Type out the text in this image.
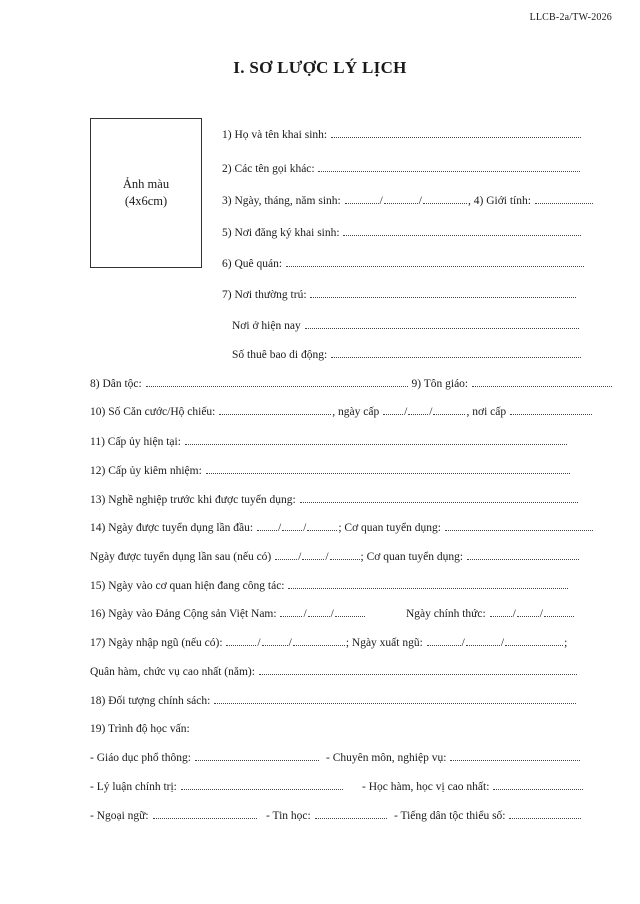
LLCB-2a/TW-2026
I. SƠ LƯỢC LÝ LỊCH
Ảnh màu
(4x6cm)
1) Họ và tên khai sinh:
2) Các tên gọi khác:
3) Ngày, tháng, năm sinh:	/	/	, 4) Giới tính:
5) Nơi đăng ký khai sinh:
6) Quê quán:
7) Nơi thường trú:
Nơi ở hiện nay
Số thuê bao di động:
8) Dân tộc:	9) Tôn giáo:
10) Số Căn cước/Hộ chiếu:	, ngày cấp / /	, nơi cấp
11) Cấp ủy hiện tại:
12) Cấp ủy kiêm nhiệm:
13) Nghề nghiệp trước khi được tuyển dụng:
14) Ngày được tuyển dụng lần đầu: / /	; Cơ quan tuyển dụng:
Ngày được tuyển dụng lần sau (nếu có) / /	; Cơ quan tuyển dụng:
15) Ngày vào cơ quan hiện đang công tác:
16) Ngày vào Đảng Cộng sản Việt Nam: / /	Ngày chính thức: / /
17) Ngày nhập ngũ (nếu có):	/ /	; Ngày xuất ngũ:	/	/	;
Quân hàm, chức vụ cao nhất (năm):
18) Đối tượng chính sách:
19) Trình độ học vấn:
- Giáo dục phổ thông:	- Chuyên môn, nghiệp vụ:
- Lý luận chính trị:	- Học hàm, học vị cao nhất:
- Ngoại ngữ:	- Tin học:	- Tiếng dân tộc thiểu số:
